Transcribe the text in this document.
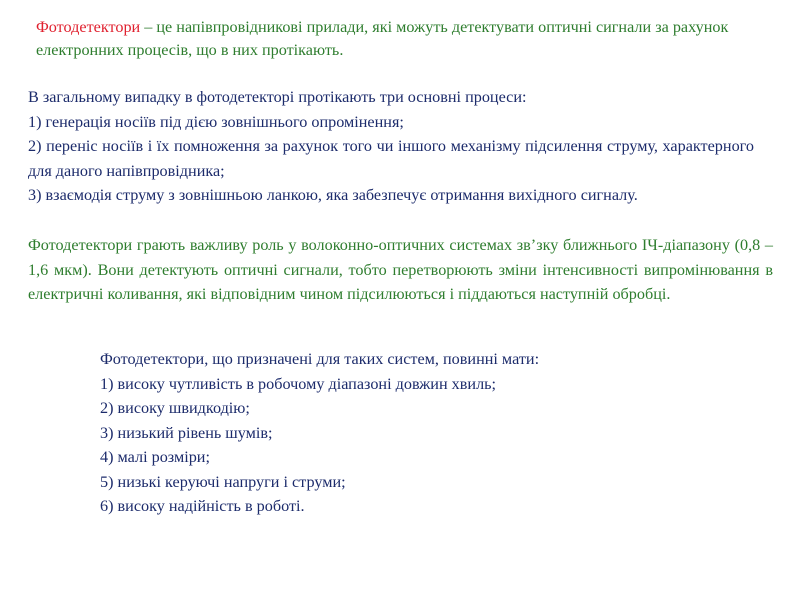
Фотодетектори – це напівпровідникові прилади, які можуть детектувати оптичні сигнали за рахунок електронних процесів, що в них протікають.
В загальному випадку в фотодетекторі протікають три основні процеси:
1) генерація носіїв під дією зовнішнього опромінення;
2) переніс носіїв і їх помноження за рахунок того чи іншого механізму підсилення струму, характерного для даного напівпровідника;
3) взаємодія струму з зовнішньою ланкою, яка забезпечує отримання вихідного сигналу.
Фотодетектори грають важливу роль у волоконно-оптичних системах зв’зку ближнього ІЧ-діапазону (0,8 – 1,6 мкм). Вони детектують оптичні сигнали, тобто перетворюють зміни інтенсивності випромінювання в електричні коливання, які відповідним чином підсилюються і піддаються наступній обробці.
Фотодетектори, що призначені для таких систем, повинні мати:
1) високу чутливість в робочому діапазоні довжин хвиль;
2) високу швидкодію;
3) низький рівень шумів;
4) малі розміри;
5) низькі керуючі напруги і струми;
6) високу надійність в роботі.
